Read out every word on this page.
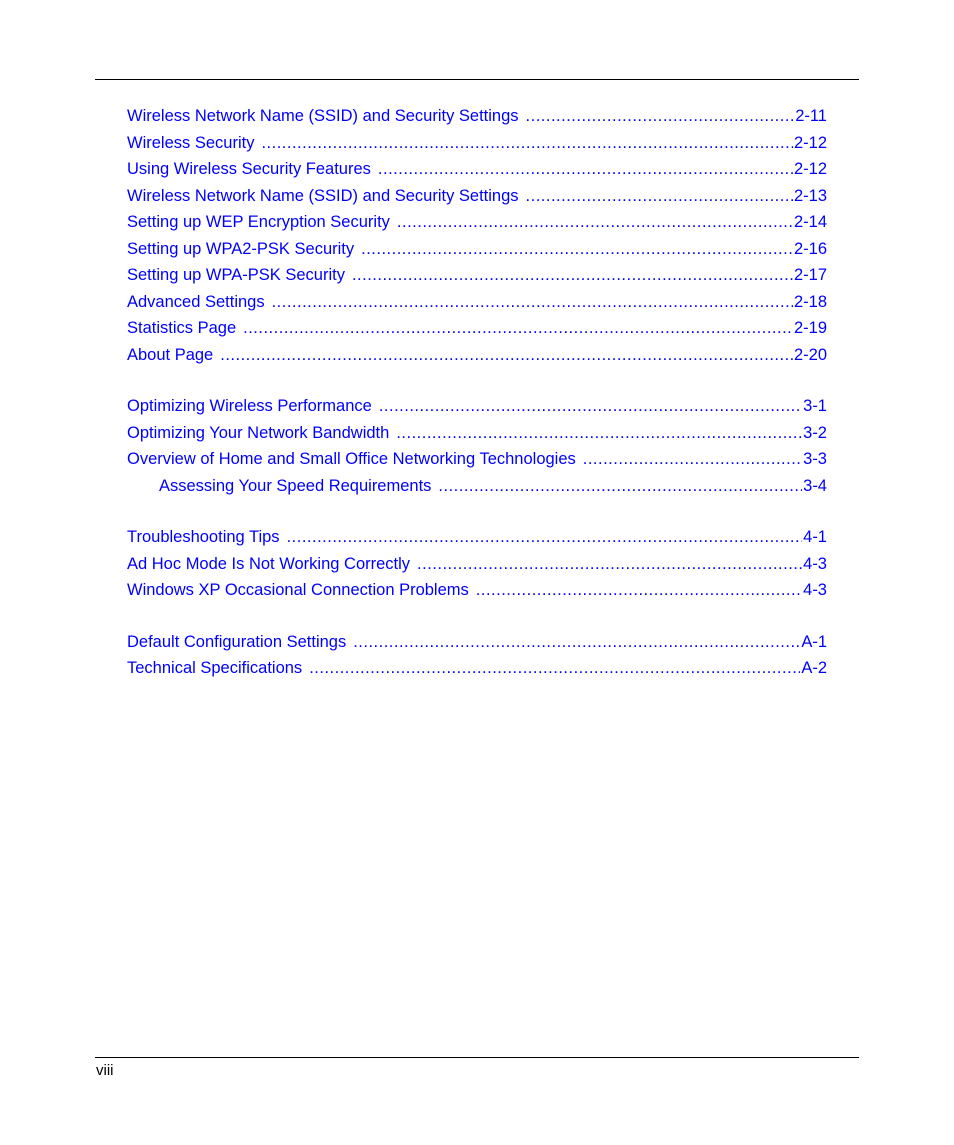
Wireless Network Name (SSID) and Security Settings .....	2-11
Wireless Security .....	2-12
Using Wireless Security Features .....	2-12
Wireless Network Name (SSID) and Security Settings .....	2-13
Setting up WEP Encryption Security .....	2-14
Setting up WPA2-PSK Security .....	2-16
Setting up WPA-PSK Security .....	2-17
Advanced Settings .....	2-18
Statistics Page .....	2-19
About Page .....	2-20
Optimizing Wireless Performance .....	3-1
Optimizing Your Network Bandwidth .....	3-2
Overview of Home and Small Office Networking Technologies .....	3-3
Assessing Your Speed Requirements .....	3-4
Troubleshooting Tips .....	4-1
Ad Hoc Mode Is Not Working Correctly .....	4-3
Windows XP Occasional Connection Problems .....	4-3
Default Configuration Settings .....	A-1
Technical Specifications .....	A-2
viii
